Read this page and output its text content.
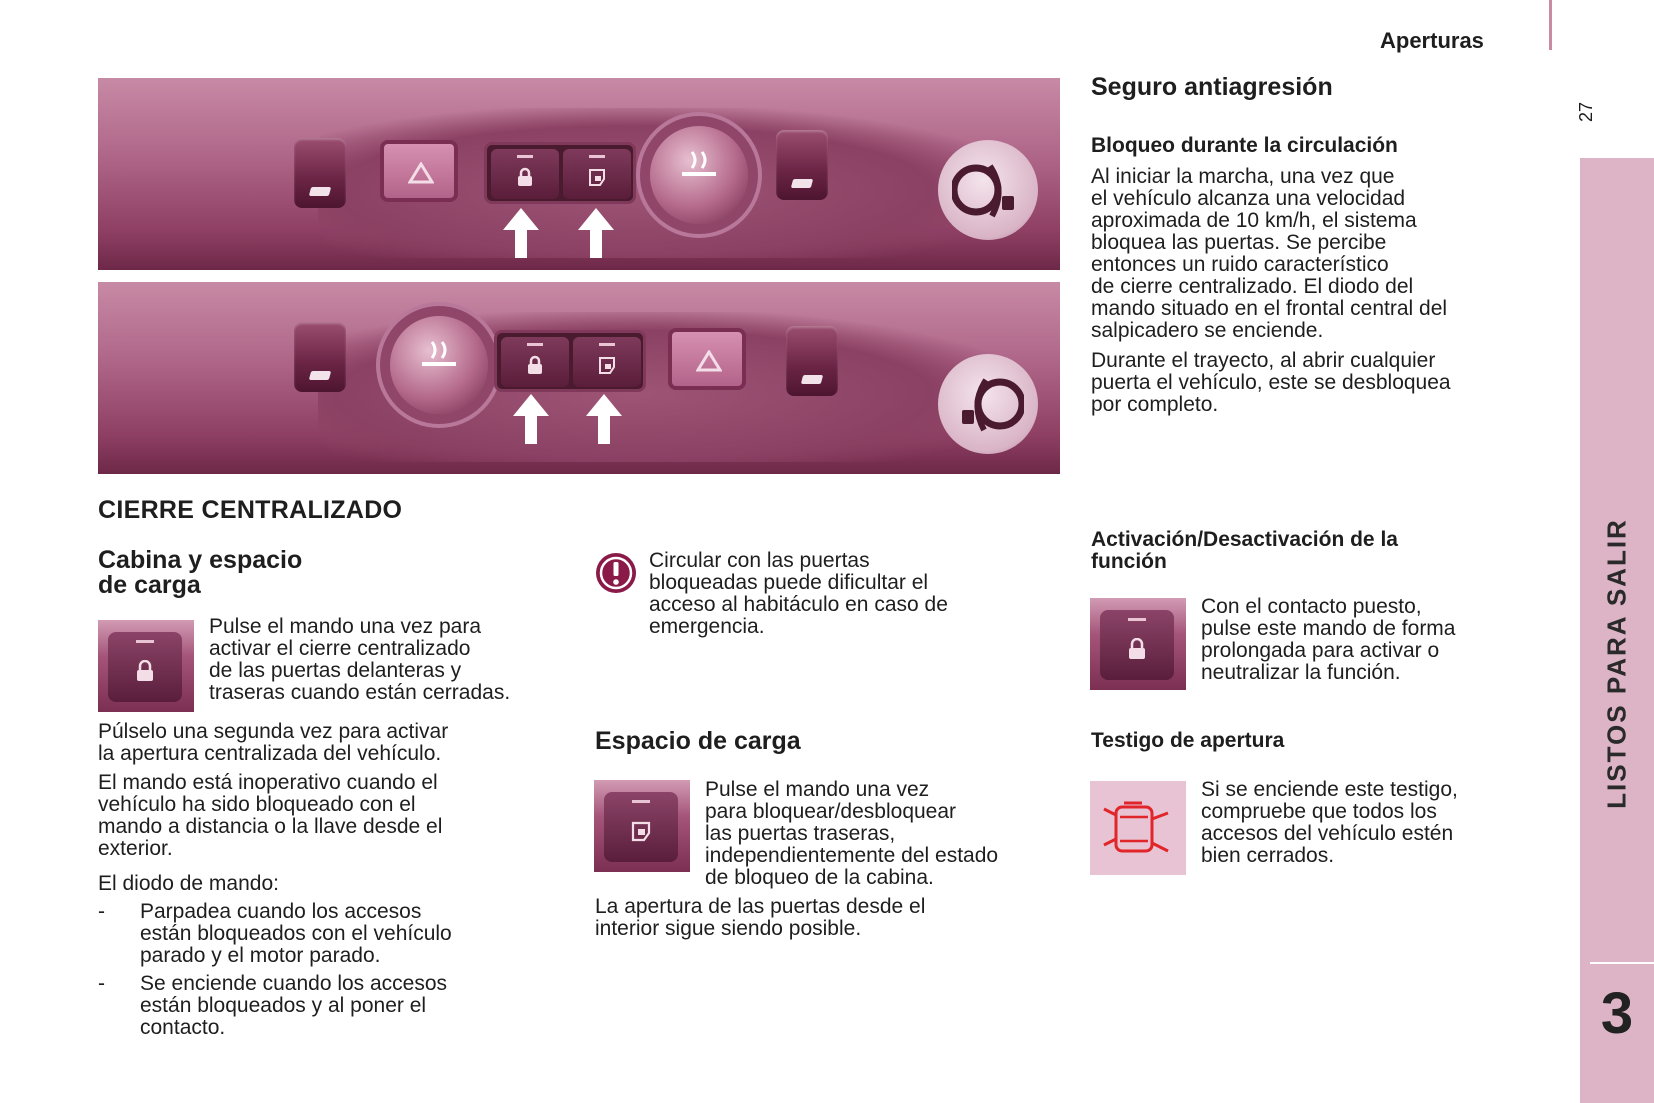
Aperturas
27
LISTOS PARA SALIR
3
CIERRE CENTRALIZADO
Cabina y espacio
de carga
Pulse el mando una vez para
activar el cierre centralizado
de las puertas delanteras y
traseras cuando están cerradas.
Púlselo una segunda vez para activar
la apertura centralizada del vehículo.
El mando está inoperativo cuando el
vehículo ha sido bloqueado con el
mando a distancia o la llave desde el
exterior.
El diodo de mando:
- Parpadea cuando los accesos
están bloqueados con el vehículo
parado y el motor parado.
- Se enciende cuando los accesos
están bloqueados y al poner el
contacto.
Circular con las puertas
bloqueadas puede dificultar el
acceso al habitáculo en caso de
emergencia.
Espacio de carga
Pulse el mando una vez
para bloquear/desbloquear
las puertas traseras,
independientemente del estado
de bloqueo de la cabina.
La apertura de las puertas desde el
interior sigue siendo posible.
Seguro antiagresión
Bloqueo durante la circulación
Al iniciar la marcha, una vez que
el vehículo alcanza una velocidad
aproximada de 10 km/h, el sistema
bloquea las puertas. Se percibe
entonces un ruido característico
de cierre centralizado. El diodo del
mando situado en el frontal central del
salpicadero se enciende.
Durante el trayecto, al abrir cualquier
puerta el vehículo, este se desbloquea
por completo.
Activación/Desactivación de la
función
Con el contacto puesto,
pulse este mando de forma
prolongada para activar o
neutralizar la función.
Testigo de apertura
Si se enciende este testigo,
compruebe que todos los
accesos del vehículo estén
bien cerrados.
